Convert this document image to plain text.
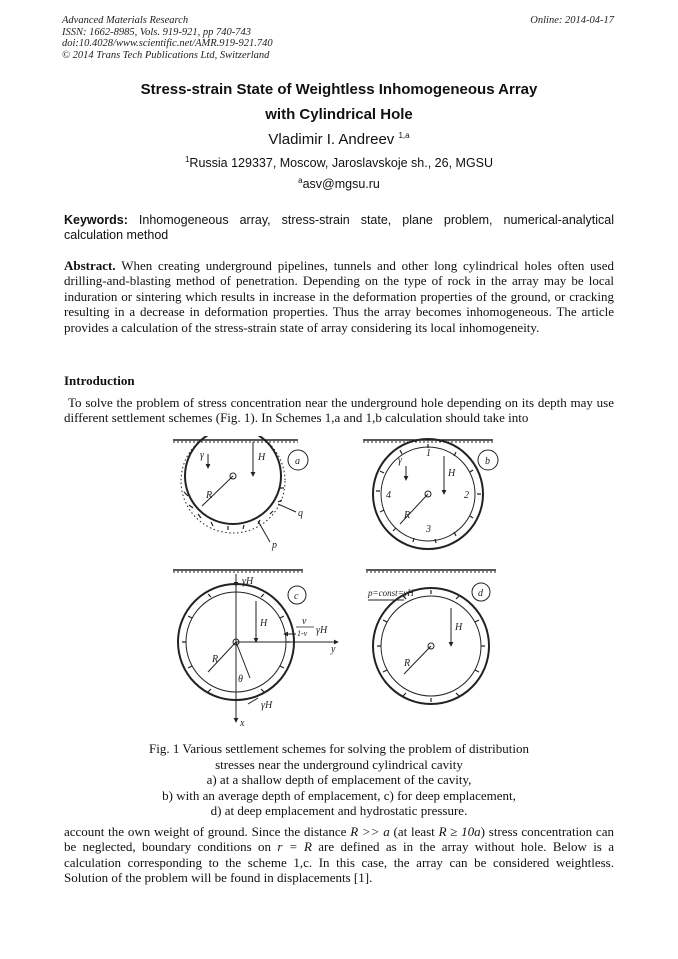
Advanced Materials Research
ISSN: 1662-8985, Vols. 919-921, pp 740-743
doi:10.4028/www.scientific.net/AMR.919-921.740
© 2014 Trans Tech Publications Ltd, Switzerland
Online: 2014-04-17
Stress-strain State of Weightless Inhomogeneous Array
with Cylindrical Hole
Vladimir I. Andreev $^{1,a}$
$^1$Russia 129337, Moscow, Jaroslavskoje sh., 26, MGSU
$^a$asv@mgsu.ru
Keywords: Inhomogeneous array, stress-strain state, plane problem, numerical-analytical calculation method
Abstract. When creating underground pipelines, tunnels and other long cylindrical holes often used drilling-and-blasting method of penetration. Depending on the type of rock in the array may be local induration or sintering which results in increase in the deformation properties of the ground, or cracking resulting in a decrease in deformation properties. Thus the array becomes inhomogeneous. The article provides a calculation of the stress-strain state of array considering its local inhomogeneity.
Introduction
To solve the problem of stress concentration near the underground hole depending on its depth may use different settlement schemes (Fig. 1). In Schemes 1,a and 1,b calculation should take into
a
γ	H
R
q
p
b
γ
H
R
1
2
3
4
c
γH
H
R
θ
y
x
γH
ν
1-ν γH
d
p=const=γH
H
R
Fig. 1 Various settlement schemes for solving the problem of distribution
stresses near the underground cylindrical cavity
a) at a shallow depth of emplacement of the cavity,
b) with an average depth of emplacement, c) for deep emplacement,
d) at deep emplacement and hydrostatic pressure.
account the own weight of ground. Since the distance R >> a (at least R ≥ 10a) stress concentration can be neglected, boundary conditions on r = R are defined as in the array without hole. Below is a calculation corresponding to the scheme 1,c. In this case, the array can be considered weightless. Solution of the problem will be found in displacements [1].
